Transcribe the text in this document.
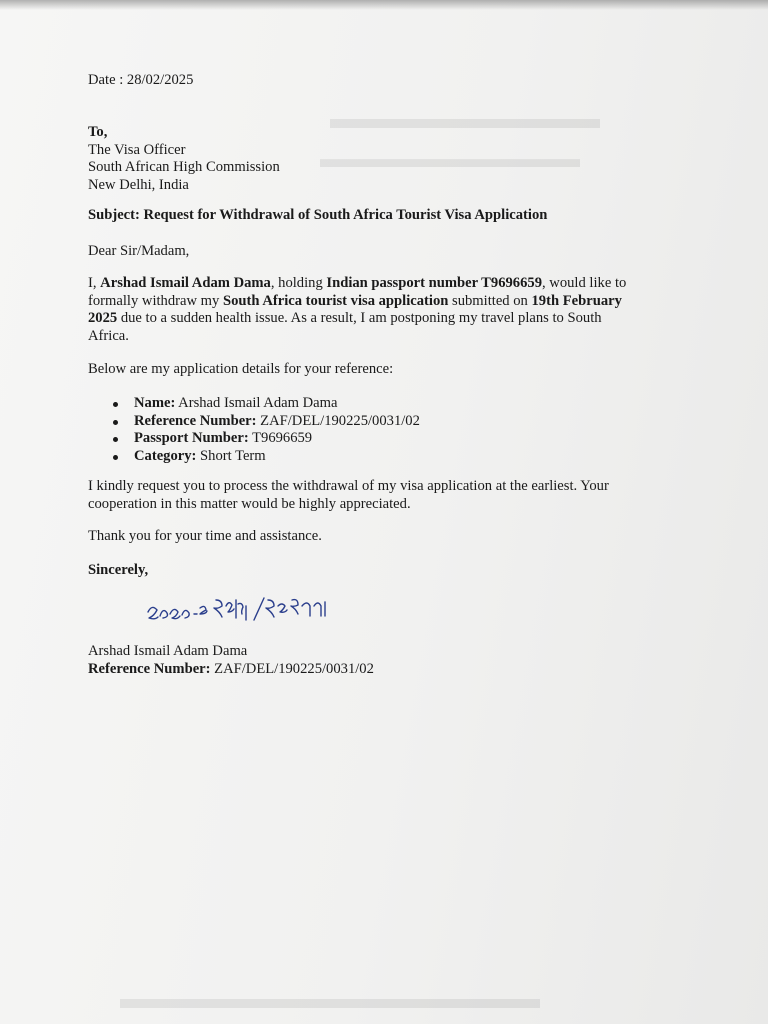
▬▬▬▬▬▬▬▬▬
▬▬▬▬▬▬▬▬▬▬
▬▬▬▬▬▬▬▬▬▬▬▬▬▬
Date : 28/02/2025
To,
The Visa Officer
South African High Commission
New Delhi, India
Subject: Request for Withdrawal of South Africa Tourist Visa Application
Dear Sir/Madam,
I, Arshad Ismail Adam Dama, holding Indian passport number T9696659, would like to
formally withdraw my South Africa tourist visa application submitted on 19th February
2025 due to a sudden health issue. As a result, I am postponing my travel plans to South
Africa.
Below are my application details for your reference:
Name: Arshad Ismail Adam Dama
Reference Number: ZAF/DEL/190225/0031/02
Passport Number: T9696659
Category: Short Term
I kindly request you to process the withdrawal of my visa application at the earliest. Your
cooperation in this matter would be highly appreciated.
Thank you for your time and assistance.
Sincerely,
Arshad Ismail Adam Dama
Reference Number: ZAF/DEL/190225/0031/02
